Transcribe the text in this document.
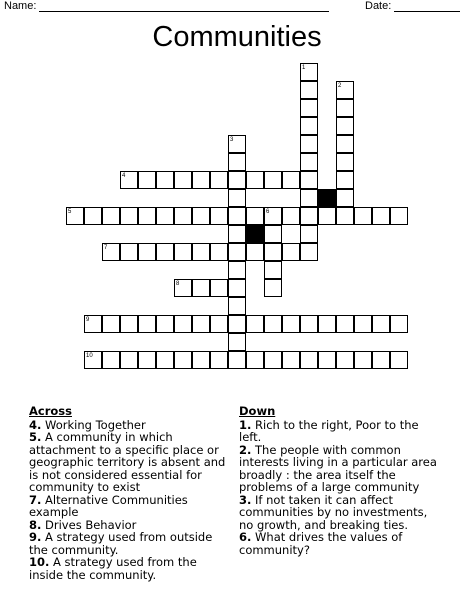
Name:	Date:
Communities
4
5	6
7
8
9
10
1
2
3
Across

4. Working Together

5. A community in which attachment to a specific place or geographic territory is absent and is not considered essential for community to exist

7. Alternative Communities example

8. Drives Behavior

9. A strategy used from outside the community.

10. A strategy used from the inside the community.

Down

1. Rich to the right, Poor to the left.

2. The people with common interests living in a particular area broadly : the area itself the problems of a large community

3. If not taken it can affect communities by no investments, no growth, and breaking ties.

6. What drives the values of community?
